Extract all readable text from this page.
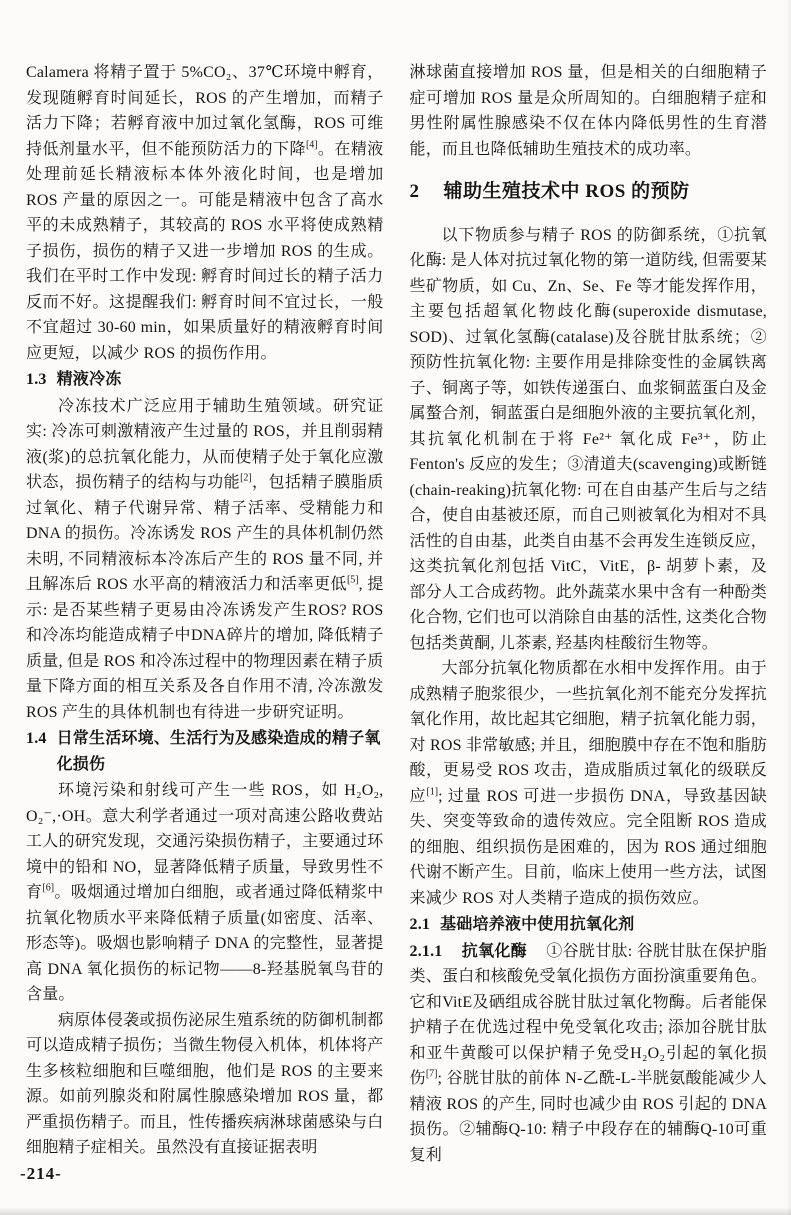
Calamera 将精子置于 5%CO₂、37℃环境中孵育，发现随孵育时间延长，ROS 的产生增加，而精子活力下降；若孵育液中加过氧化氢酶，ROS 可维持低剂量水平，但不能预防活力的下降[4]。在精液处理前延长精液标本体外液化时间，也是增加 ROS 产量的原因之一。可能是精液中包含了高水平的未成熟精子，其较高的 ROS 水平将使成熟精子损伤，损伤的精子又进一步增加 ROS 的生成。我们在平时工作中发现: 孵育时间过长的精子活力反而不好。这提醒我们: 孵育时间不宜过长，一般不宜超过 30-60 min，如果质量好的精液孵育时间应更短，以减少 ROS 的损伤作用。

1.3 精液冷冻

冷冻技术广泛应用于辅助生殖领域。研究证实: 冷冻可刺激精液产生过量的 ROS，并且削弱精液(浆)的总抗氧化能力，从而使精子处于氧化应激状态，损伤精子的结构与功能[2]，包括精子膜脂质过氧化、精子代谢异常、精子活率、受精能力和 DNA 的损伤。冷冻诱发 ROS 产生的具体机制仍然未明, 不同精液标本冷冻后产生的 ROS 量不同, 并且解冻后 ROS 水平高的精液活力和活率更低[5], 提示: 是否某些精子更易由冷冻诱发产生ROS? ROS 和冷冻均能造成精子中DNA碎片的增加, 降低精子质量, 但是 ROS 和冷冻过程中的物理因素在精子质量下降方面的相互关系及各自作用不清, 冷冻激发 ROS 产生的具体机制也有待进一步研究证明。

1.4 日常生活环境、生活行为及感染造成的精子氧化损伤

环境污染和射线可产生一些 ROS，如 H₂O₂, O₂⁻,·OH。意大利学者通过一项对高速公路收费站工人的研究发现，交通污染损伤精子，主要通过环境中的铅和 NO，显著降低精子质量，导致男性不育[6]。吸烟通过增加白细胞，或者通过降低精浆中抗氧化物质水平来降低精子质量(如密度、活率、形态等)。吸烟也影响精子 DNA 的完整性，显著提高 DNA 氧化损伤的标记物——8-羟基脱氧鸟苷的含量。

病原体侵袭或损伤泌尿生殖系统的防御机制都可以造成精子损伤；当微生物侵入机体，机体将产生多核粒细胞和巨噬细胞，他们是 ROS 的主要来源。如前列腺炎和附属性腺感染增加 ROS 量，都严重损伤精子。而且，性传播疾病淋球菌感染与白细胞精子症相关。虽然没有直接证据表明

淋球菌直接增加 ROS 量，但是相关的白细胞精子症可增加 ROS 量是众所周知的。白细胞精子症和男性附属性腺感染不仅在体内降低男性的生育潜能，而且也降低辅助生殖技术的成功率。

2 辅助生殖技术中 ROS 的预防

以下物质参与精子 ROS 的防御系统，①抗氧化酶: 是人体对抗过氧化物的第一道防线, 但需要某些矿物质，如 Cu、Zn、Se、Fe 等才能发挥作用，主要包括超氧化物歧化酶(superoxide dismutase, SOD)、过氧化氢酶(catalase)及谷胱甘肽系统；②预防性抗氧化物: 主要作用是排除变性的金属铁离子、铜离子等，如铁传递蛋白、血浆铜蓝蛋白及金属螯合剂，铜蓝蛋白是细胞外液的主要抗氧化剂，其抗氧化机制在于将 Fe²⁺ 氧化成 Fe³⁺，防止 Fenton's 反应的发生；③清道夫(scavenging)或断链(chain-reaking)抗氧化物: 可在自由基产生后与之结合，使自由基被还原，而自己则被氧化为相对不具活性的自由基，此类自由基不会再发生连锁反应，这类抗氧化剂包括 VitC，VitE，β- 胡萝卜素，及部分人工合成药物。此外蔬菜水果中含有一种酚类化合物, 它们也可以消除自由基的活性, 这类化合物包括类黄酮, 儿茶素, 羟基肉桂酸衍生物等。

大部分抗氧化物质都在水相中发挥作用。由于成熟精子胞浆很少，一些抗氧化剂不能充分发挥抗氧化作用，故比起其它细胞，精子抗氧化能力弱，对 ROS 非常敏感; 并且，细胞膜中存在不饱和脂肪酸，更易受 ROS 攻击，造成脂质过氧化的级联反应[1]; 过量 ROS 可进一步损伤 DNA，导致基因缺失、突变等致命的遗传效应。完全阻断 ROS 造成的细胞、组织损伤是困难的，因为 ROS 通过细胞代谢不断产生。目前，临床上使用一些方法，试图来减少 ROS 对人类精子造成的损伤效应。

2.1 基础培养液中使用抗氧化剂

2.1.1 抗氧化酶 ①谷胱甘肽: 谷胱甘肽在保护脂类、蛋白和核酸免受氧化损伤方面扮演重要角色。它和VitE及硒组成谷胱甘肽过氧化物酶。后者能保护精子在优选过程中免受氧化攻击; 添加谷胱甘肽和亚牛黄酸可以保护精子免受H₂O₂引起的氧化损伤[7]; 谷胱甘肽的前体 N-乙酰-L-半胱氨酸能减少人精液 ROS 的产生, 同时也减少由 ROS 引起的 DNA 损伤。②辅酶Q-10: 精子中段存在的辅酶Q-10可重复利

-214-
